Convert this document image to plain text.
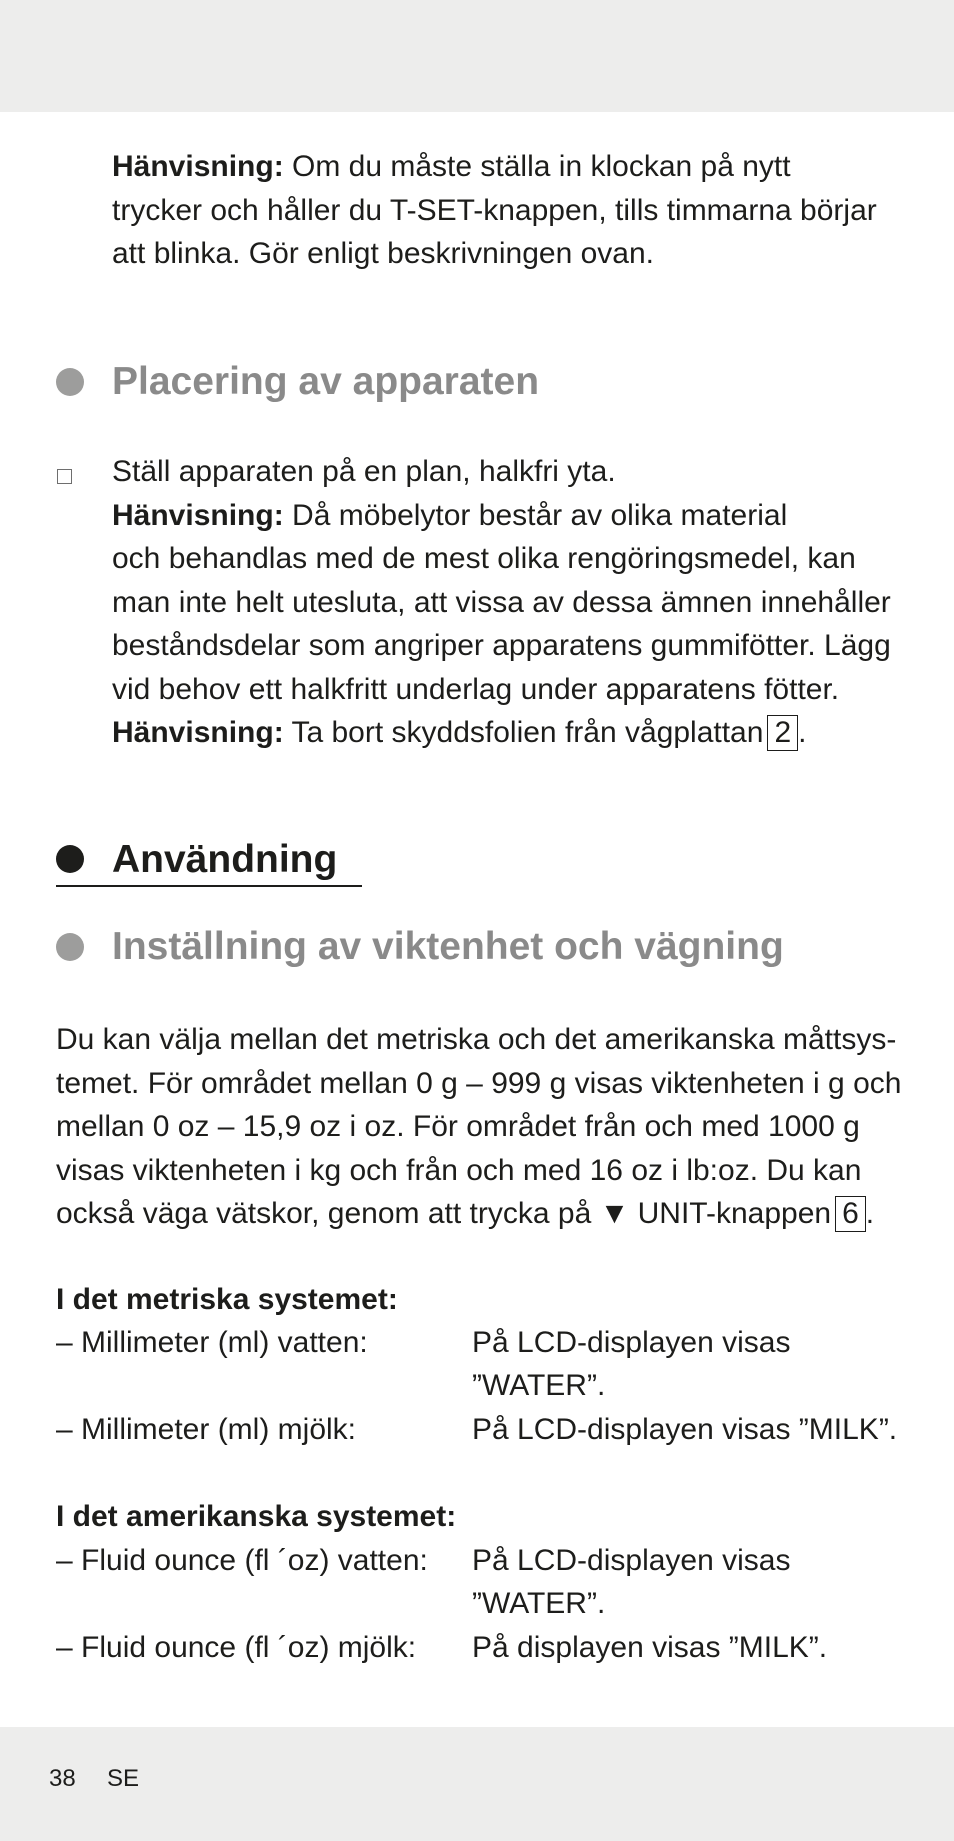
Hänvisning: Om du måste ställa in klockan på nytt
trycker och håller du T-SET-knappen, tills timmarna börjar
att blinka. Gör enligt beskrivningen ovan.
Placering av apparaten
Ställ apparaten på en plan, halkfri yta.
Hänvisning: Då möbelytor består av olika material
och behandlas med de mest olika rengöringsmedel, kan
man inte helt utesluta, att vissa av dessa ämnen innehåller
beståndsdelar som angriper apparatens gummifötter. Lägg
vid behov ett halkfritt underlag under apparatens fötter.
Hänvisning: Ta bort skyddsfolien från vågplattan 2 .
Användning
Inställning av viktenhet och vägning
Du kan välja mellan det metriska och det amerikanska måttsys-
temet. För området mellan 0 g – 999 g visas viktenheten i g och
mellan 0 oz – 15,9 oz i oz. För området från och med 1000 g
visas viktenheten i kg och från och med 16 oz i lb:oz. Du kan
också väga vätskor, genom att trycka på ▼ UNIT-knappen 6 .
I det metriska systemet:
– Millimeter (ml) vatten:	På LCD-displayen visas
”WATER”.
– Millimeter (ml) mjölk:	På LCD-displayen visas ”MILK”.
I det amerikanska systemet:
– Fluid ounce (fl ´oz) vatten: På LCD-displayen visas
”WATER”.
– Fluid ounce (fl ´oz) mjölk: På displayen visas ”MILK”.
38 SE
